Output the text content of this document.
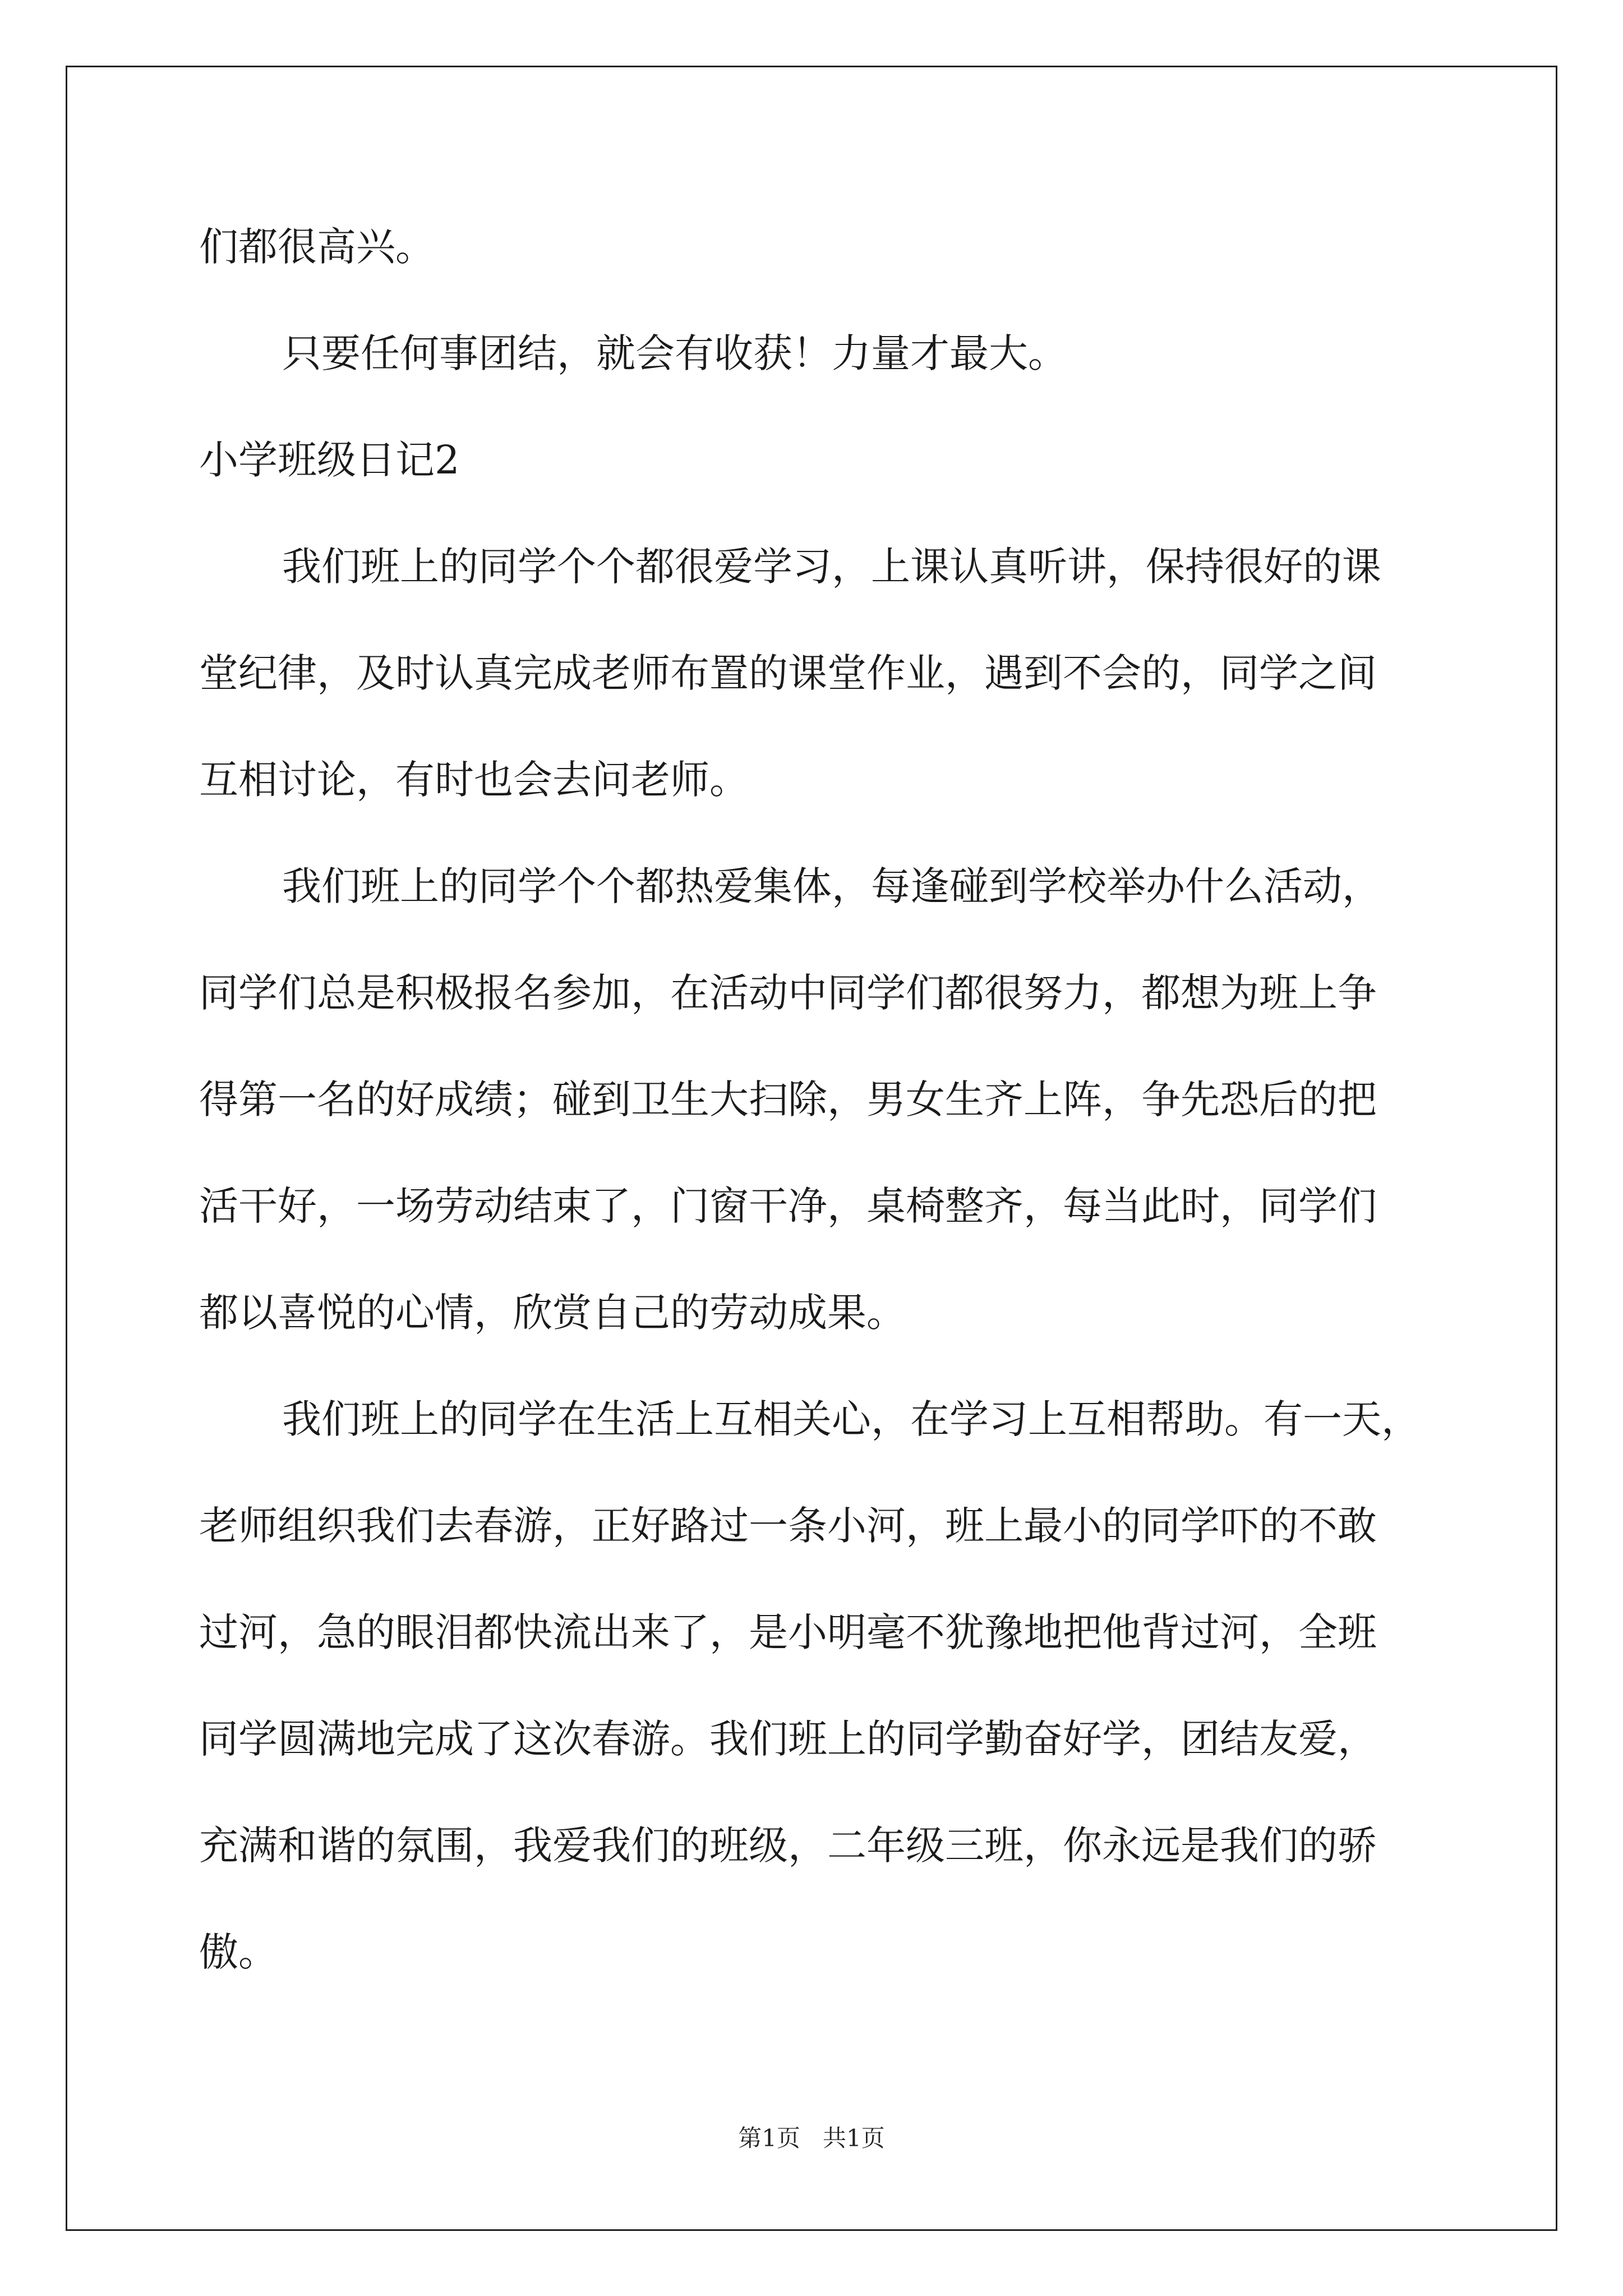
们都很高兴。
只要任何事团结，就会有收获！力量才最大。
小学班级日记2
我们班上的同学个个都很爱学习，上课认真听讲，保持很好的课
堂纪律，及时认真完成老师布置的课堂作业，遇到不会的，同学之间
互相讨论，有时也会去问老师。
我们班上的同学个个都热爱集体，每逢碰到学校举办什么活动，
同学们总是积极报名参加，在活动中同学们都很努力，都想为班上争
得第一名的好成绩；碰到卫生大扫除，男女生齐上阵，争先恐后的把
活干好，一场劳动结束了，门窗干净，桌椅整齐，每当此时，同学们
都以喜悦的心情，欣赏自己的劳动成果。
我们班上的同学在生活上互相关心，在学习上互相帮助。有一天，
老师组织我们去春游，正好路过一条小河，班上最小的同学吓的不敢
过河，急的眼泪都快流出来了，是小明毫不犹豫地把他背过河，全班
同学圆满地完成了这次春游。我们班上的同学勤奋好学，团结友爱，
充满和谐的氛围，我爱我们的班级，二年级三班，你永远是我们的骄
傲。
第1页 共1页
